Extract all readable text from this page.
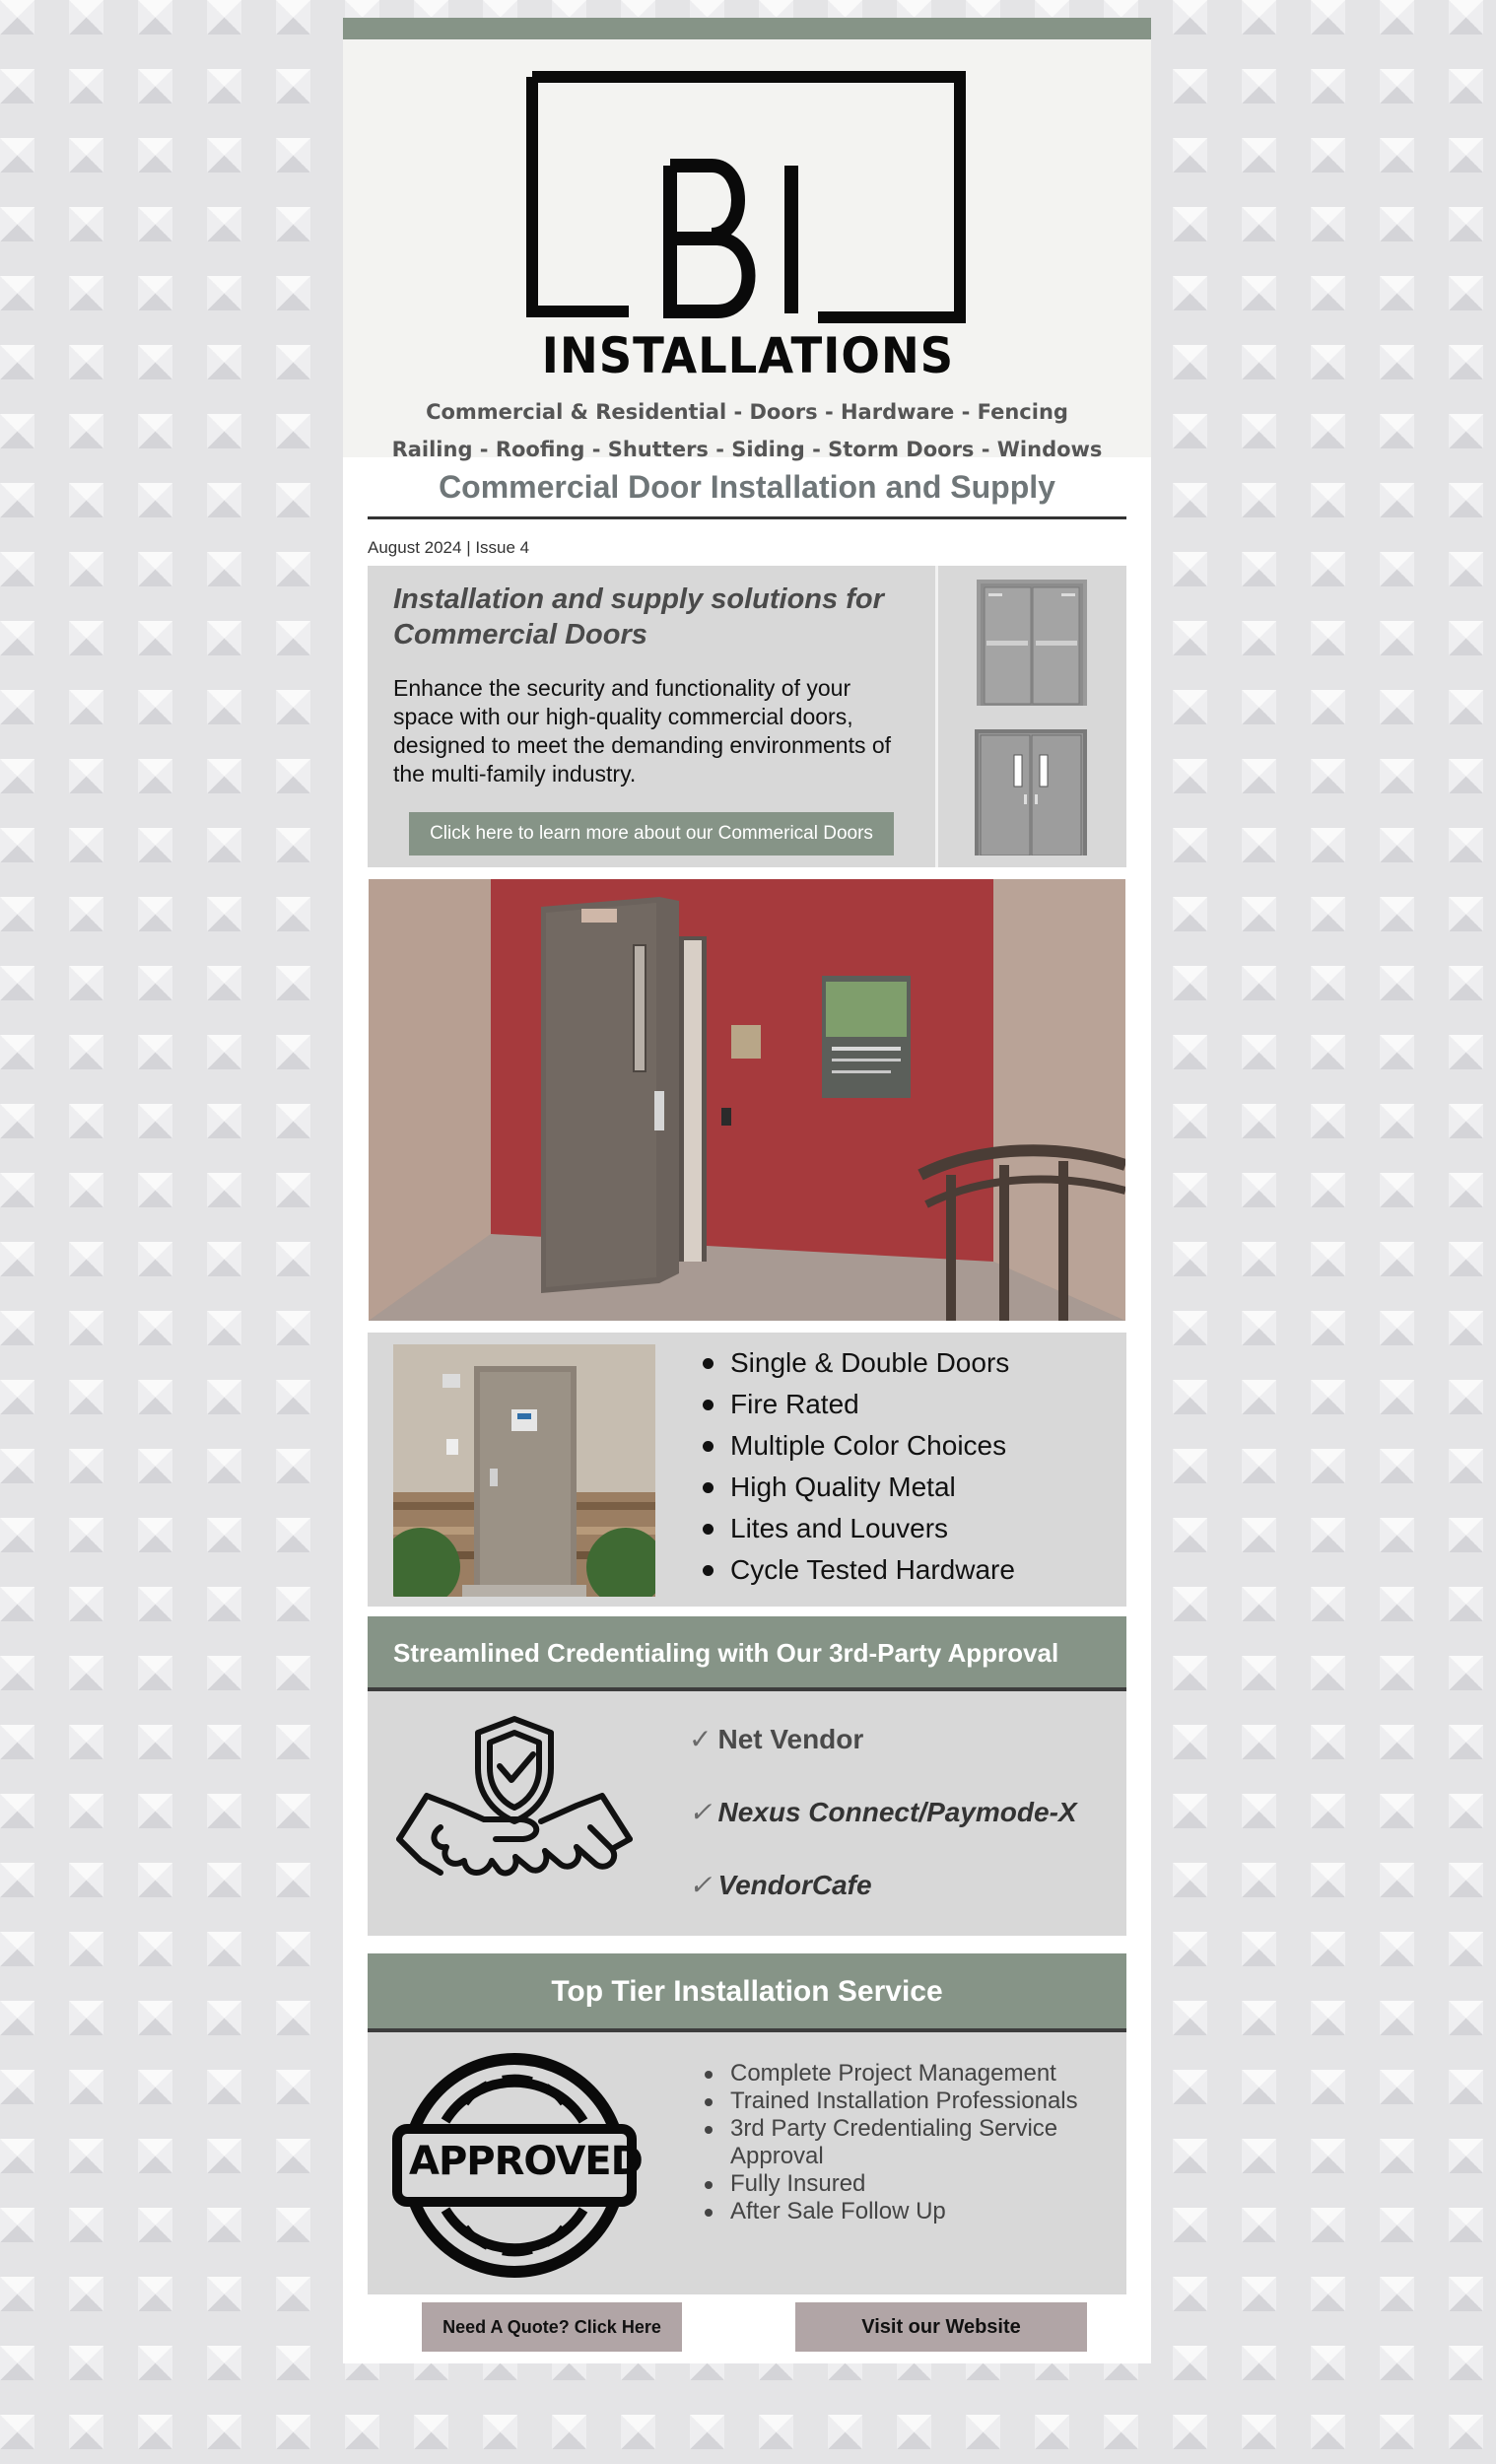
INSTALLATIONS
Commercial & Residential - Doors - Hardware - Fencing
Railing - Roofing - Shutters - Siding - Storm Doors - Windows
Commercial Door Installation and Supply
August 2024 | Issue 4
Installation and supply solutions for Commercial Doors
Enhance the security and functionality of your space with our high-quality commercial doors, designed to meet the demanding environments of the multi-family industry.
Click here to learn more about our Commerical Doors
Single & Double Doors
Fire Rated
Multiple Color Choices
High Quality Metal
Lites and Louvers
Cycle Tested Hardware
Streamlined Credentialing with Our 3rd-Party Approval
✓ Net Vendor
✓ Nexus Connect/Paymode-X
✓ VendorCafe
Top Tier Installation Service
APPROVED
Complete Project Management
Trained Installation Professionals
3rd Party Credentialing Service Approval
Fully Insured
After Sale Follow Up
Need A Quote? Click Here	Visit our Website
